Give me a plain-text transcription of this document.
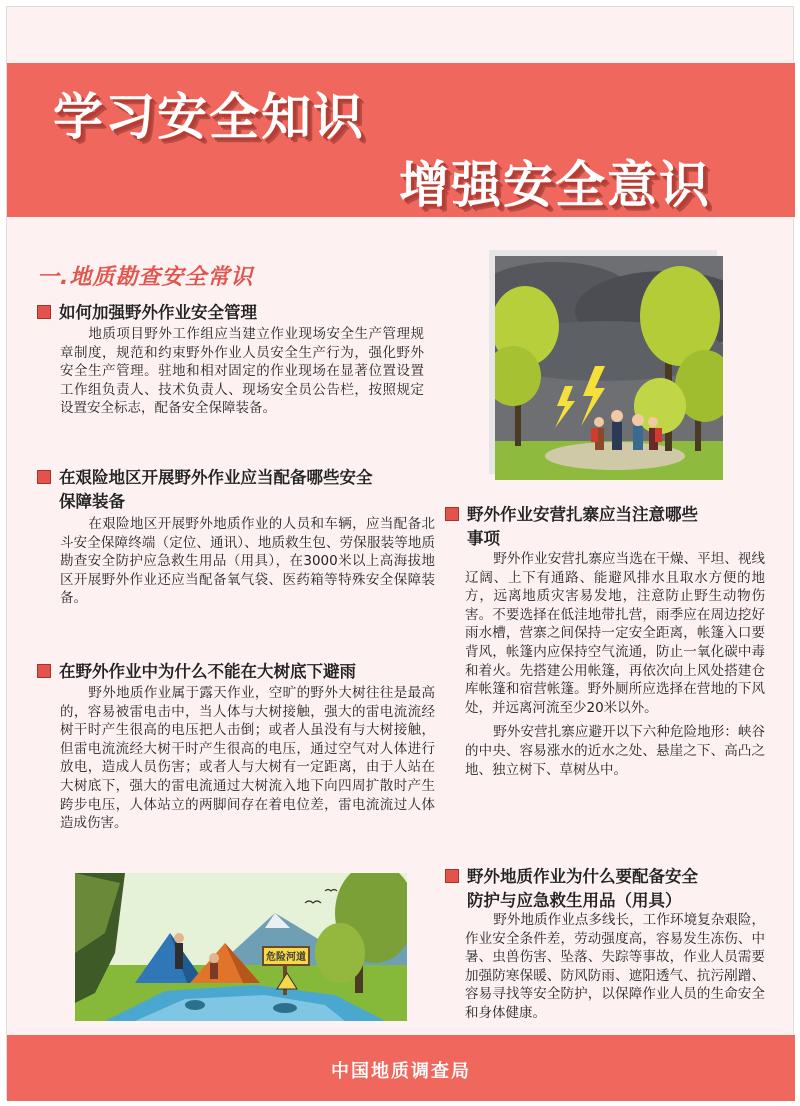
学习安全知识
增强安全意识
一.地质勘查安全常识
如何加强野外作业安全管理

地质项目野外工作组应当建立作业现场安全生产管理规章制度，规范和约束野外作业人员安全生产行为，强化野外安全生产管理。驻地和相对固定的作业现场在显著位置设置工作组负责人、技术负责人、现场安全员公告栏，按照规定设置安全标志，配备安全保障装备。

在艰险地区开展野外作业应当配备哪些安全
保障装备

在艰险地区开展野外地质作业的人员和车辆，应当配备北斗安全保障终端（定位、通讯）、地质救生包、劳保服装等地质勘查安全防护应急救生用品（用具），在3000米以上高海拔地区开展野外作业还应当配备氧气袋、医药箱等特殊安全保障装备。

在野外作业中为什么不能在大树底下避雨

野外地质作业属于露天作业，空旷的野外大树往往是最高的，容易被雷电击中，当人体与大树接触，强大的雷电流流经树干时产生很高的电压把人击倒；或者人虽没有与大树接触，但雷电流流经大树干时产生很高的电压，通过空气对人体进行放电，造成人员伤害；或者人与大树有一定距离，由于人站在大树底下，强大的雷电流通过大树流入地下向四周扩散时产生跨步电压，人体站立的两脚间存在着电位差，雷电流流过人体造成伤害。

野外作业安营扎寨应当注意哪些
事项

野外作业安营扎寨应当选在干燥、平坦、视线辽阔、上下有通路、能避风排水且取水方便的地方，远离地质灾害易发地，注意防止野生动物伤害。不要选择在低洼地带扎营，雨季应在周边挖好雨水槽，营寨之间保持一定安全距离，帐篷入口要背风，帐篷内应保持空气流通，防止一氧化碳中毒和着火。先搭建公用帐篷，再依次向上风处搭建仓库帐篷和宿营帐篷。野外厕所应选择在营地的下风处，并远离河流至少20米以外。

野外安营扎寨应避开以下六种危险地形：峡谷的中央、容易涨水的近水之处、悬崖之下、高凸之地、独立树下、草树丛中。

野外地质作业为什么要配备安全
防护与应急救生用品（用具）

野外地质作业点多线长，工作环境复杂艰险，作业安全条件差，劳动强度高，容易发生冻伤、中暑、虫兽伤害、坠落、失踪等事故，作业人员需要加强防寒保暖、防风防雨、遮阳透气、抗污剐蹭、容易寻找等安全防护，以保障作业人员的生命安全和身体健康。

危险河道
中国地质调查局
